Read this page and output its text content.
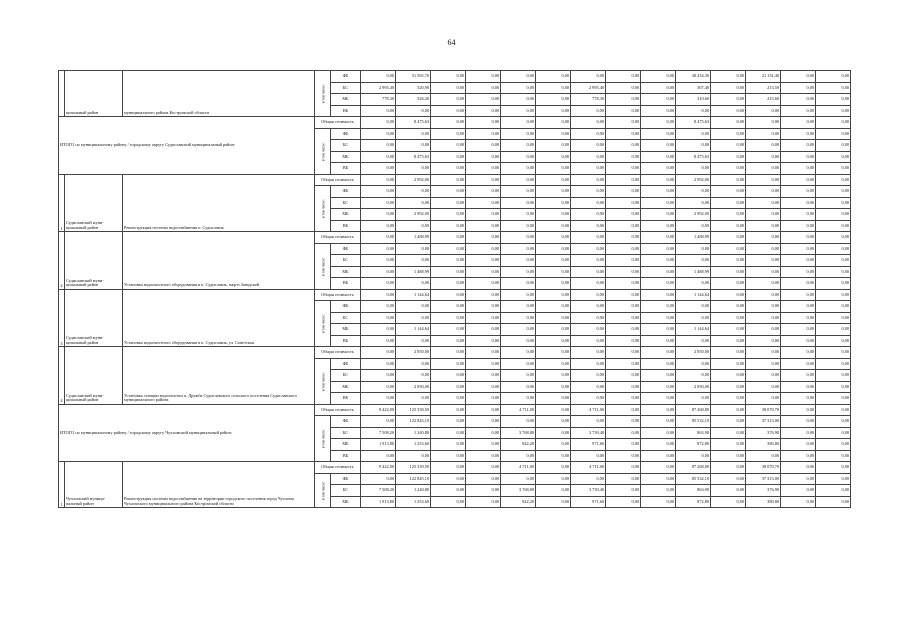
64
	ципальный район	муниципального района Костромской области	в том числе:	ФБ	0,00	51 565,70	0,00	0,00	0,00	0,00	0,00	0,00	0,00	30 434,30	0,00	21 131,40	0,00	0,00
				БС	2 995,40	520,90	0,00	0,00	0,00	0,00	2 995,40	0,00	0,00	307,40	0,00	213,50	0,00	0,00
				МБ	778,30	526,20	0,00	0,00	0,00	0,00	778,30	0,00	0,00	310,60	0,00	215,60	0,00	0,00
				ВБ	0,00	0,00	0,00	0,00	0,00	0,00	0,00	0,00	0,00	0,00	0,00	0,00	0,00	0,00
ИТОГО по муниципальному району / городскому округу Судиславский муниципальный район:			Общая стоимость		0,00	8 475,63	0,00	0,00	0,00	0,00	0,00	0,00	0,00	8 475,63	0,00	0,00	0,00	0,00
			в том числе:	ФБ	0,00	0,00	0,00	0,00	0,00	0,00	0,00	0,00	0,00	0,00	0,00	0,00	0,00	0,00
				БС	0,00	0,00	0,00	0,00	0,00	0,00	0,00	0,00	0,00	0,00	0,00	0,00	0,00	0,00
				МБ	0,00	8 475,63	0,00	0,00	0,00	0,00	0,00	0,00	0,00	8 475,63	0,00	0,00	0,00	0,00
				ВБ	0,00	0,00	0,00	0,00	0,00	0,00	0,00	0,00	0,00	0,00	0,00	0,00	0,00	0,00
1	Судиславский муни-ципальный район	Реконструкция системы водоснабжения п. Судиславль	Общая стоимость		0,00	2 992,00	0,00	0,00	0,00	0,00	0,00	0,00	0,00	2 992,00	0,00	0,00	0,00	0,00
			в том числе:	ФБ	0,00	0,00	0,00	0,00	0,00	0,00	0,00	0,00	0,00	0,00	0,00	0,00	0,00	0,00
				БС	0,00	0,00	0,00	0,00	0,00	0,00	0,00	0,00	0,00	0,00	0,00	0,00	0,00	0,00
				МБ	0,00	2 992,00	0,00	0,00	0,00	0,00	0,00	0,00	0,00	2 992,00	0,00	0,00	0,00	0,00
				ВБ	0,00	0,00	0,00	0,00	0,00	0,00	0,00	0,00	0,00	0,00	0,00	0,00	0,00	0,00
2	Судиславский муни-ципальный район	Установка водоочистного оборудования в п. Судиславль, мкр-н Заводской	Общая стоимость		0,00	1 488,99	0,00	0,00	0,00	0,00	0,00	0,00	0,00	1 488,99	0,00	0,00	0,00	0,00
			в том числе:	ФБ	0,00	0,00	0,00	0,00	0,00	0,00	0,00	0,00	0,00	0,00	0,00	0,00	0,00	0,00
				БС	0,00	0,00	0,00	0,00	0,00	0,00	0,00	0,00	0,00	0,00	0,00	0,00	0,00	0,00
				МБ	0,00	1 488,99	0,00	0,00	0,00	0,00	0,00	0,00	0,00	1 488,99	0,00	0,00	0,00	0,00
				ВБ	0,00	0,00	0,00	0,00	0,00	0,00	0,00	0,00	0,00	0,00	0,00	0,00	0,00	0,00
3	Судиславский муни-ципальный район	Установка водоочистного оборудования в п. Судиславль, ул. Советская	Общая стоимость		0,00	1 144,64	0,00	0,00	0,00	0,00	0,00	0,00	0,00	1 144,64	0,00	0,00	0,00	0,00
			в том числе:	ФБ	0,00	0,00	0,00	0,00	0,00	0,00	0,00	0,00	0,00	0,00	0,00	0,00	0,00	0,00
				БС	0,00	0,00	0,00	0,00	0,00	0,00	0,00	0,00	0,00	0,00	0,00	0,00	0,00	0,00
				МБ	0,00	1 144,64	0,00	0,00	0,00	0,00	0,00	0,00	0,00	1 144,64	0,00	0,00	0,00	0,00
				ВБ	0,00	0,00	0,00	0,00	0,00	0,00	0,00	0,00	0,00	0,00	0,00	0,00	0,00	0,00
4	Судиславский муни-ципальный район	Установка станции водоочистки п. Дружба Судиславского сельского поселения Судиславского муниципального района	Общая стоимость		0,00	2 850,00	0,00	0,00	0,00	0,00	0,00	0,00	0,00	2 850,00	0,00	0,00	0,00	0,00
			в том числе:	ФБ	0,00	0,00	0,00	0,00	0,00	0,00	0,00	0,00	0,00	0,00	0,00	0,00	0,00	0,00
				БС	0,00	0,00	0,00	0,00	0,00	0,00	0,00	0,00	0,00	0,00	0,00	0,00	0,00	0,00
				МБ	0,00	2 850,00	0,00	0,00	0,00	0,00	0,00	0,00	0,00	2 850,00	0,00	0,00	0,00	0,00
				ВБ	0,00	0,00	0,00	0,00	0,00	0,00	0,00	0,00	0,00	0,00	0,00	0,00	0,00	0,00
ИТОГО по муниципальному району / городскому округу Чухломский муниципальный район:			Общая стоимость		9 422,00	125 339,50	0,00	0,00	4 711,00	0,00	4 711,00	0,00	0,00	87 268,80	0,00	38 070,70	0,00	0,00
			в том числе:	ФБ	0,00	122 845,10	0,00	0,00	0,00	0,00	0,00	0,00	0,00	85 532,10	0,00	37 313,00	0,00	0,00
				БС	7 508,20	1 240,80	0,00	0,00	3 768,80	0,00	3 739,40	0,00	0,00	863,90	0,00	376,90	0,00	0,00
				МБ	1 913,80	1 253,60	0,00	0,00	942,20	0,00	971,60	0,00	0,00	872,80	0,00	380,80	0,00	0,00
				ВБ	0,00	0,00	0,00	0,00	0,00	0,00	0,00	0,00	0,00	0,00	0,00	0,00	0,00	0,00
1	Чухломский муници-пальный район	Реконструкция системы водоснабжения на территории городского поселения город Чухлома Чухломского муниципального района Костромской области	Общая стоимость		9 422,00	125 339,50	0,00	0,00	4 711,00	0,00	4 711,00	0,00	0,00	87 268,80	0,00	38 070,70	0,00	0,00
			в том числе:	ФБ	0,00	122 845,10	0,00	0,00	0,00	0,00	0,00	0,00	0,00	85 532,10	0,00	37 313,00	0,00	0,00
				БС	7 508,20	1 240,80	0,00	0,00	3 768,80	0,00	3 739,40	0,00	0,00	863,90	0,00	376,90	0,00	0,00
				МБ	1 913,80	1 253,60	0,00	0,00	942,20	0,00	971,60	0,00	0,00	872,80	0,00	380,80	0,00	0,00
